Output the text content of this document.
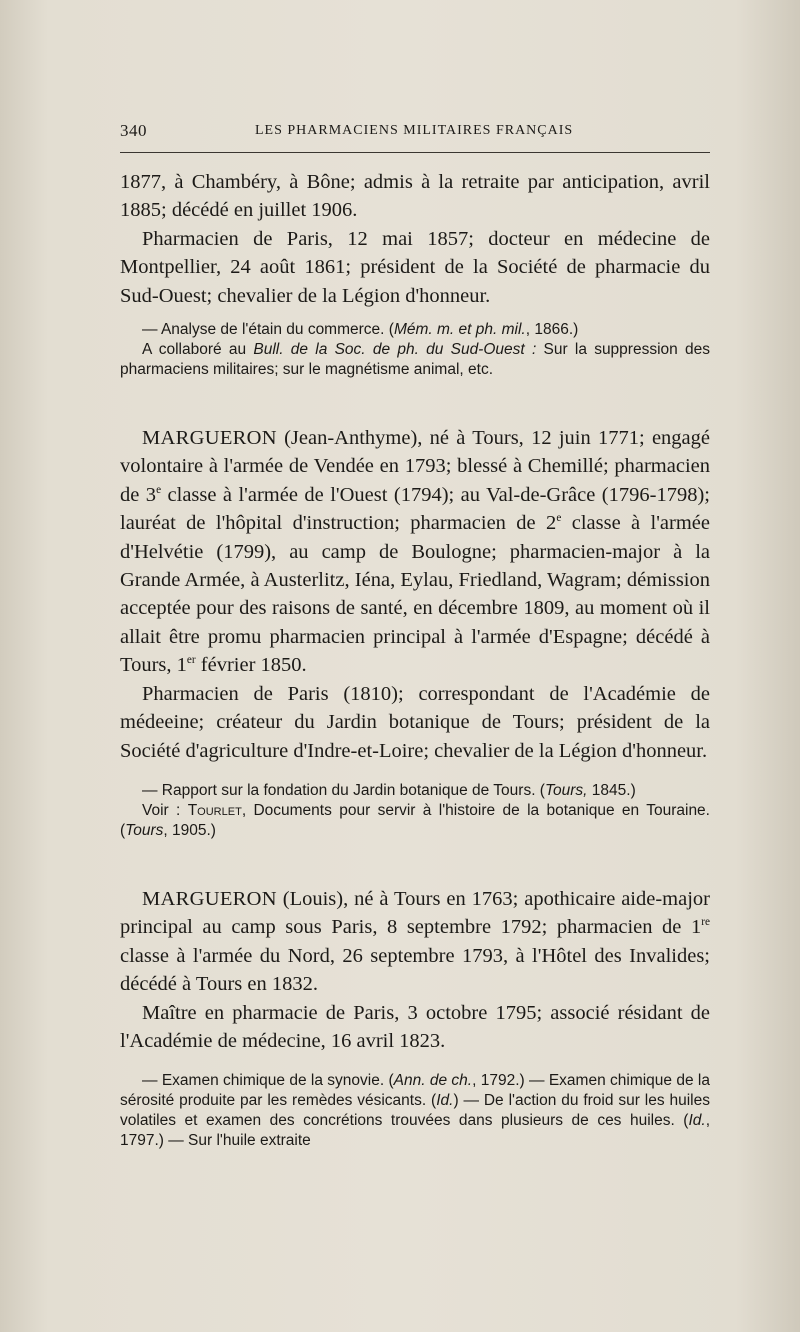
340	LES PHARMACIENS MILITAIRES FRANÇAIS

1877, à Chambéry, à Bône; admis à la retraite par anticipation, avril 1885; décédé en juillet 1906.

Pharmacien de Paris, 12 mai 1857; docteur en médecine de Montpellier, 24 août 1861; président de la Société de pharmacie du Sud-Ouest; chevalier de la Légion d'honneur.

— Analyse de l'étain du commerce. (Mém. m. et ph. mil., 1866.)

A collaboré au Bull. de la Soc. de ph. du Sud-Ouest : Sur la suppression des pharmaciens militaires; sur le magnétisme animal, etc.

MARGUERON (Jean-Anthyme), né à Tours, 12 juin 1771; engagé volontaire à l'armée de Vendée en 1793; blessé à Chemillé; pharmacien de 3e classe à l'armée de l'Ouest (1794); au Val-de-Grâce (1796-1798); lauréat de l'hôpital d'instruction; pharmacien de 2e classe à l'armée d'Helvétie (1799), au camp de Boulogne; pharmacien-major à la Grande Armée, à Austerlitz, Iéna, Eylau, Friedland, Wagram; démission acceptée pour des raisons de santé, en décembre 1809, au moment où il allait être promu pharmacien principal à l'armée d'Espagne; décédé à Tours, 1er février 1850.

Pharmacien de Paris (1810); correspondant de l'Académie de médeeine; créateur du Jardin botanique de Tours; président de la Société d'agriculture d'Indre-et-Loire; chevalier de la Légion d'honneur.

— Rapport sur la fondation du Jardin botanique de Tours. (Tours, 1845.)

Voir : Tourlet, Documents pour servir à l'histoire de la botanique en Touraine. (Tours, 1905.)

MARGUERON (Louis), né à Tours en 1763; apothicaire aide-major principal au camp sous Paris, 8 septembre 1792; pharmacien de 1re classe à l'armée du Nord, 26 septembre 1793, à l'Hôtel des Invalides; décédé à Tours en 1832.

Maître en pharmacie de Paris, 3 octobre 1795; associé résidant de l'Académie de médecine, 16 avril 1823.

— Examen chimique de la synovie. (Ann. de ch., 1792.) — Examen chimique de la sérosité produite par les remèdes vésicants. (Id.) — De l'action du froid sur les huiles volatiles et examen des concrétions trouvées dans plusieurs de ces huiles. (Id., 1797.) — Sur l'huile extraite
